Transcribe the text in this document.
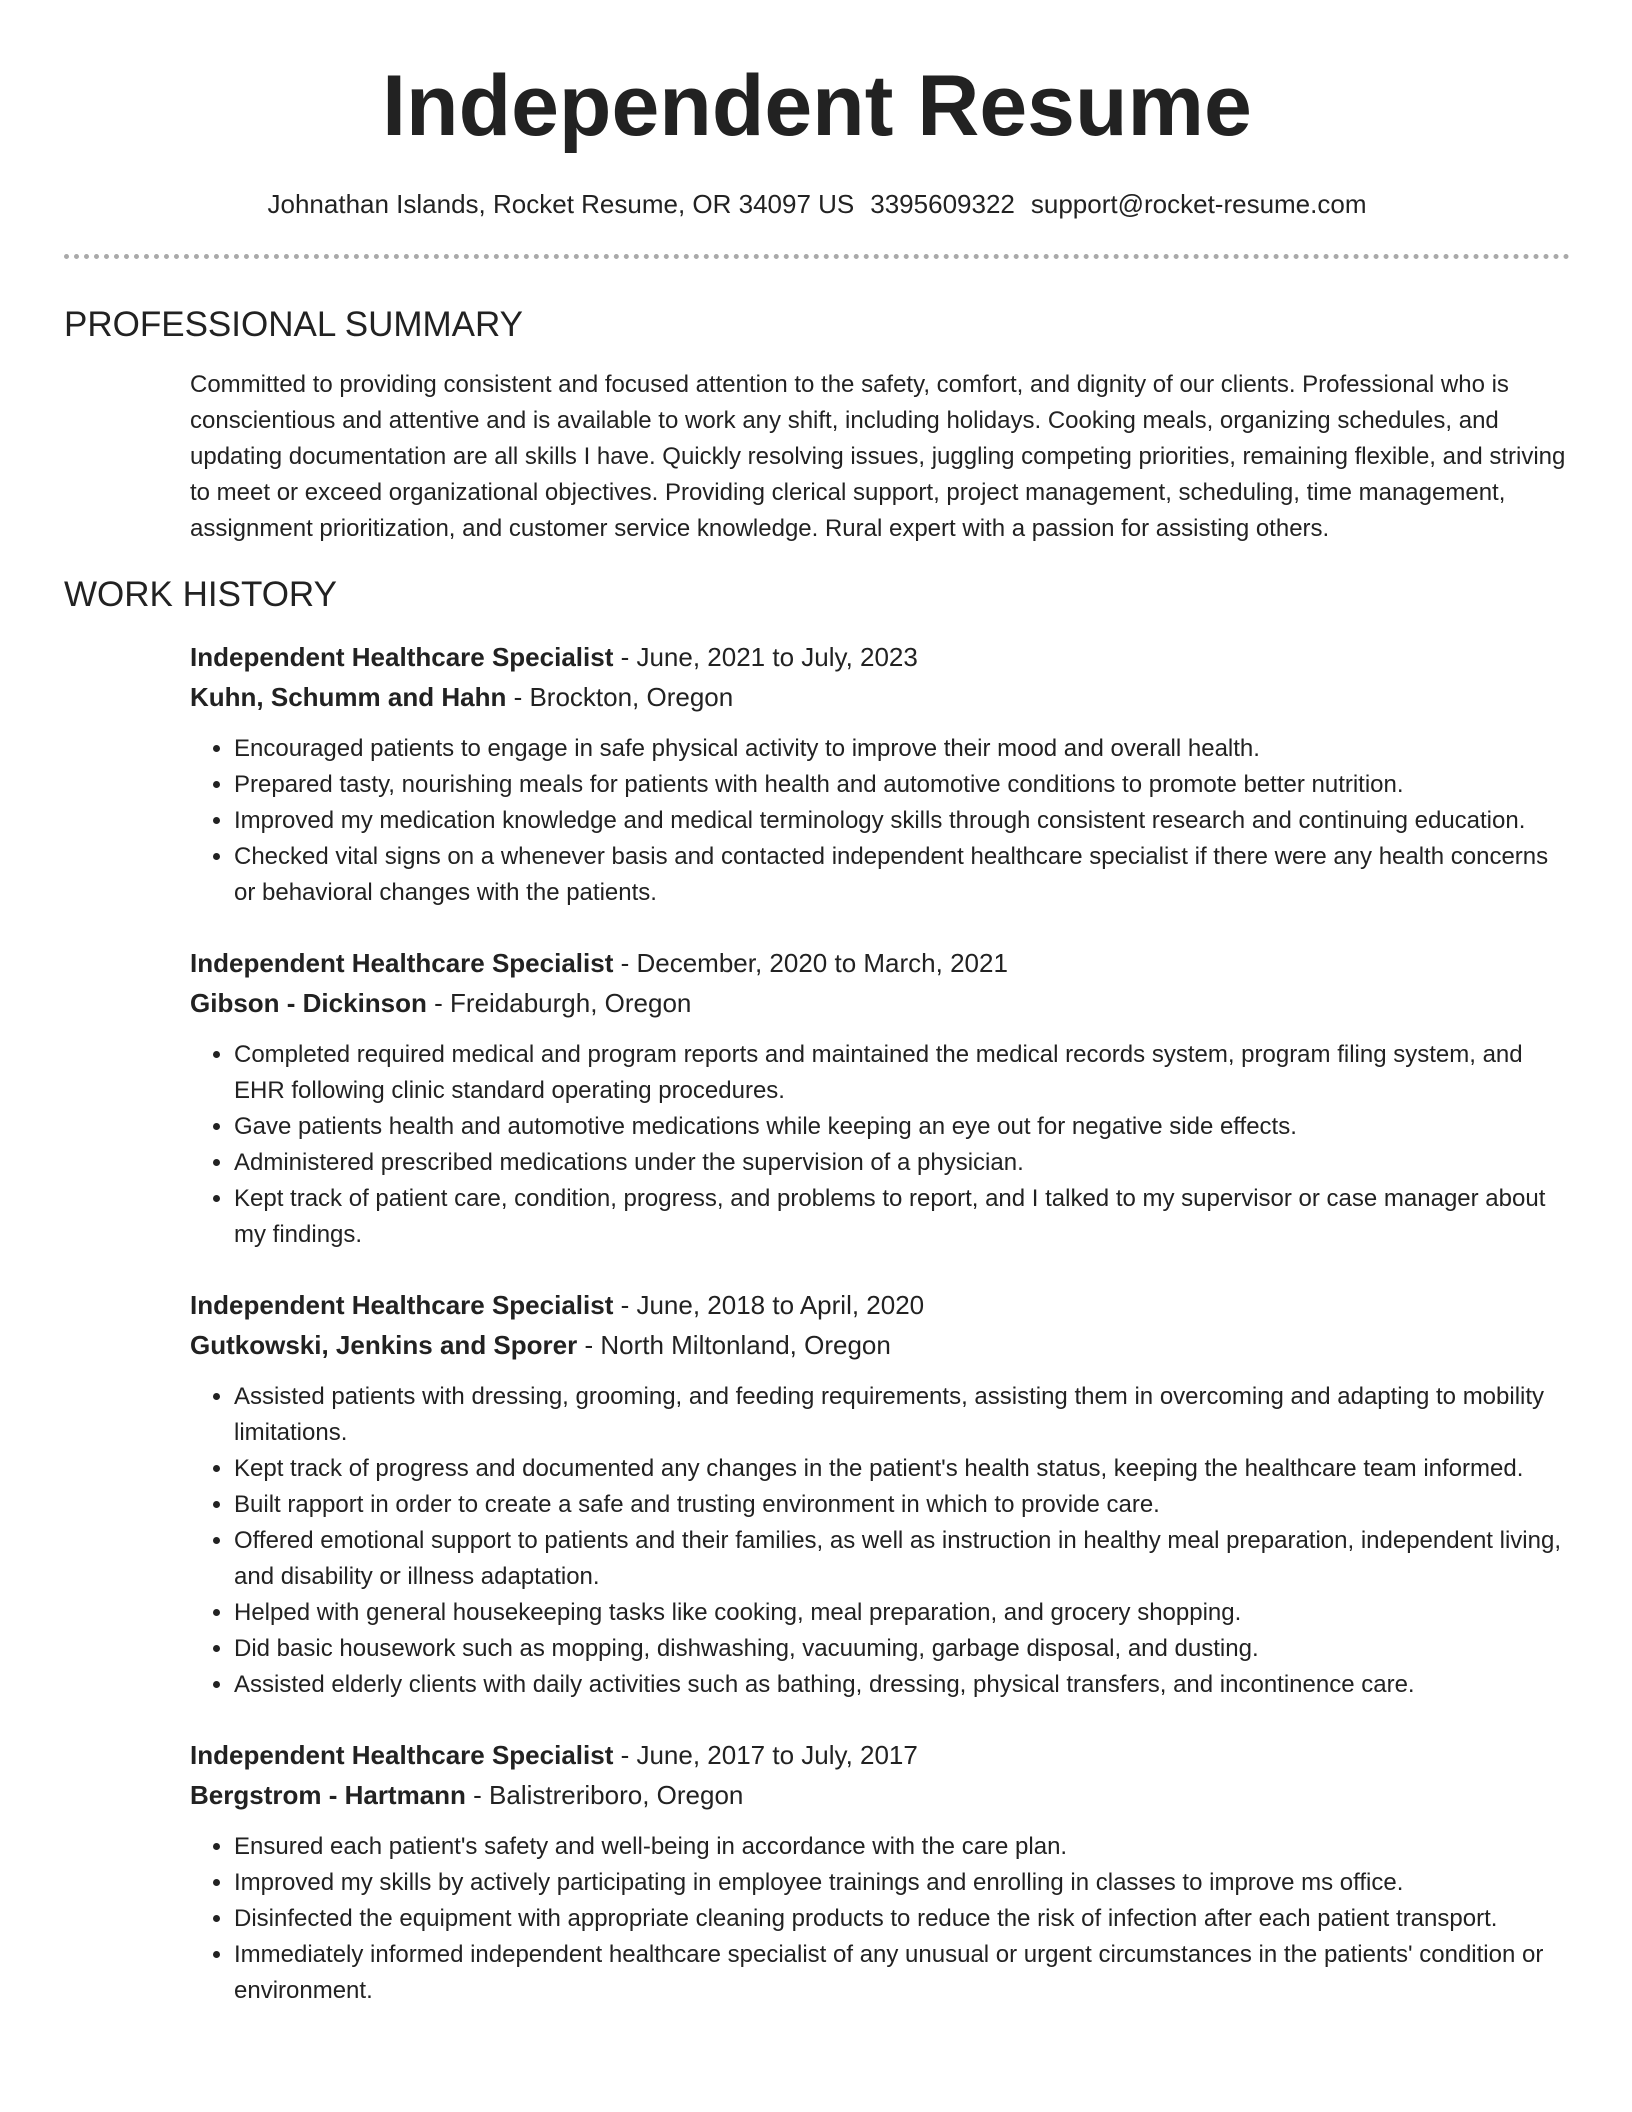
Independent Resume
Johnathan Islands, Rocket Resume, OR 34097 US 3395609322 support@rocket-resume.com
PROFESSIONAL SUMMARY

Committed to providing consistent and focused attention to the safety, comfort, and dignity of our clients. Professional who is conscientious and attentive and is available to work any shift, including holidays. Cooking meals, organizing schedules, and updating documentation are all skills I have. Quickly resolving issues, juggling competing priorities, remaining flexible, and striving to meet or exceed organizational objectives. Providing clerical support, project management, scheduling, time management, assignment prioritization, and customer service knowledge. Rural expert with a passion for assisting others.

WORK HISTORY
Independent Healthcare Specialist - June, 2021 to July, 2023
Kuhn, Schumm and Hahn - Brockton, Oregon
• Encouraged patients to engage in safe physical activity to improve their mood and overall health.
• Prepared tasty, nourishing meals for patients with health and automotive conditions to promote better nutrition.
• Improved my medication knowledge and medical terminology skills through consistent research and continuing education.
• Checked vital signs on a whenever basis and contacted independent healthcare specialist if there were any health concerns or behavioral changes with the patients.
Independent Healthcare Specialist - December, 2020 to March, 2021
Gibson - Dickinson - Freidaburgh, Oregon
• Completed required medical and program reports and maintained the medical records system, program filing system, and EHR following clinic standard operating procedures.
• Gave patients health and automotive medications while keeping an eye out for negative side effects.
• Administered prescribed medications under the supervision of a physician.
• Kept track of patient care, condition, progress, and problems to report, and I talked to my supervisor or case manager about my findings.
Independent Healthcare Specialist - June, 2018 to April, 2020
Gutkowski, Jenkins and Sporer - North Miltonland, Oregon
• Assisted patients with dressing, grooming, and feeding requirements, assisting them in overcoming and adapting to mobility limitations.
• Kept track of progress and documented any changes in the patient's health status, keeping the healthcare team informed.
• Built rapport in order to create a safe and trusting environment in which to provide care.
• Offered emotional support to patients and their families, as well as instruction in healthy meal preparation, independent living, and disability or illness adaptation.
• Helped with general housekeeping tasks like cooking, meal preparation, and grocery shopping.
• Did basic housework such as mopping, dishwashing, vacuuming, garbage disposal, and dusting.
• Assisted elderly clients with daily activities such as bathing, dressing, physical transfers, and incontinence care.
Independent Healthcare Specialist - June, 2017 to July, 2017
Bergstrom - Hartmann - Balistreriboro, Oregon
• Ensured each patient's safety and well-being in accordance with the care plan.
• Improved my skills by actively participating in employee trainings and enrolling in classes to improve ms office.
• Disinfected the equipment with appropriate cleaning products to reduce the risk of infection after each patient transport.
• Immediately informed independent healthcare specialist of any unusual or urgent circumstances in the patients' condition or environment.
